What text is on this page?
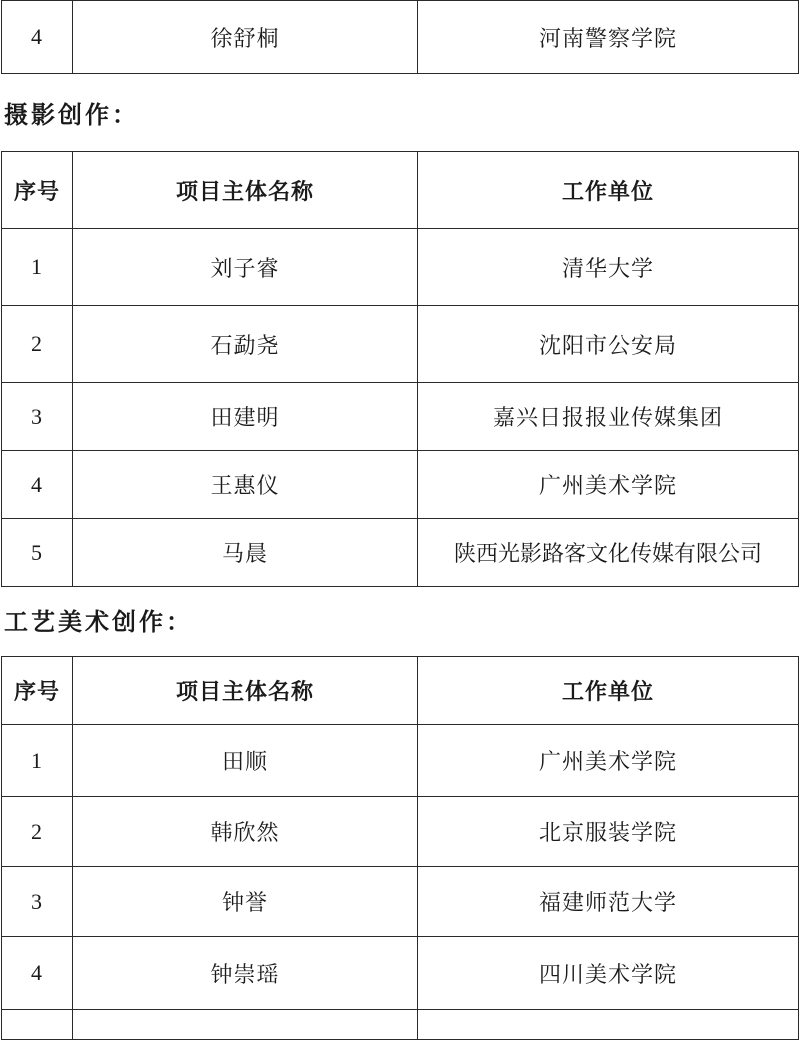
4	徐舒桐	河南警察学院
摄影创作：
序号	项目主体名称	工作单位
1	刘子睿	清华大学
2	石勐尧	沈阳市公安局
3	田建明	嘉兴日报报业传媒集团
4	王惠仪	广州美术学院
5	马晨	陕西光影路客文化传媒有限公司
工艺美术创作：
序号	项目主体名称	工作单位
1	田顺	广州美术学院
2	韩欣然	北京服装学院
3	钟誉	福建师范大学
4	钟崇瑶	四川美术学院
